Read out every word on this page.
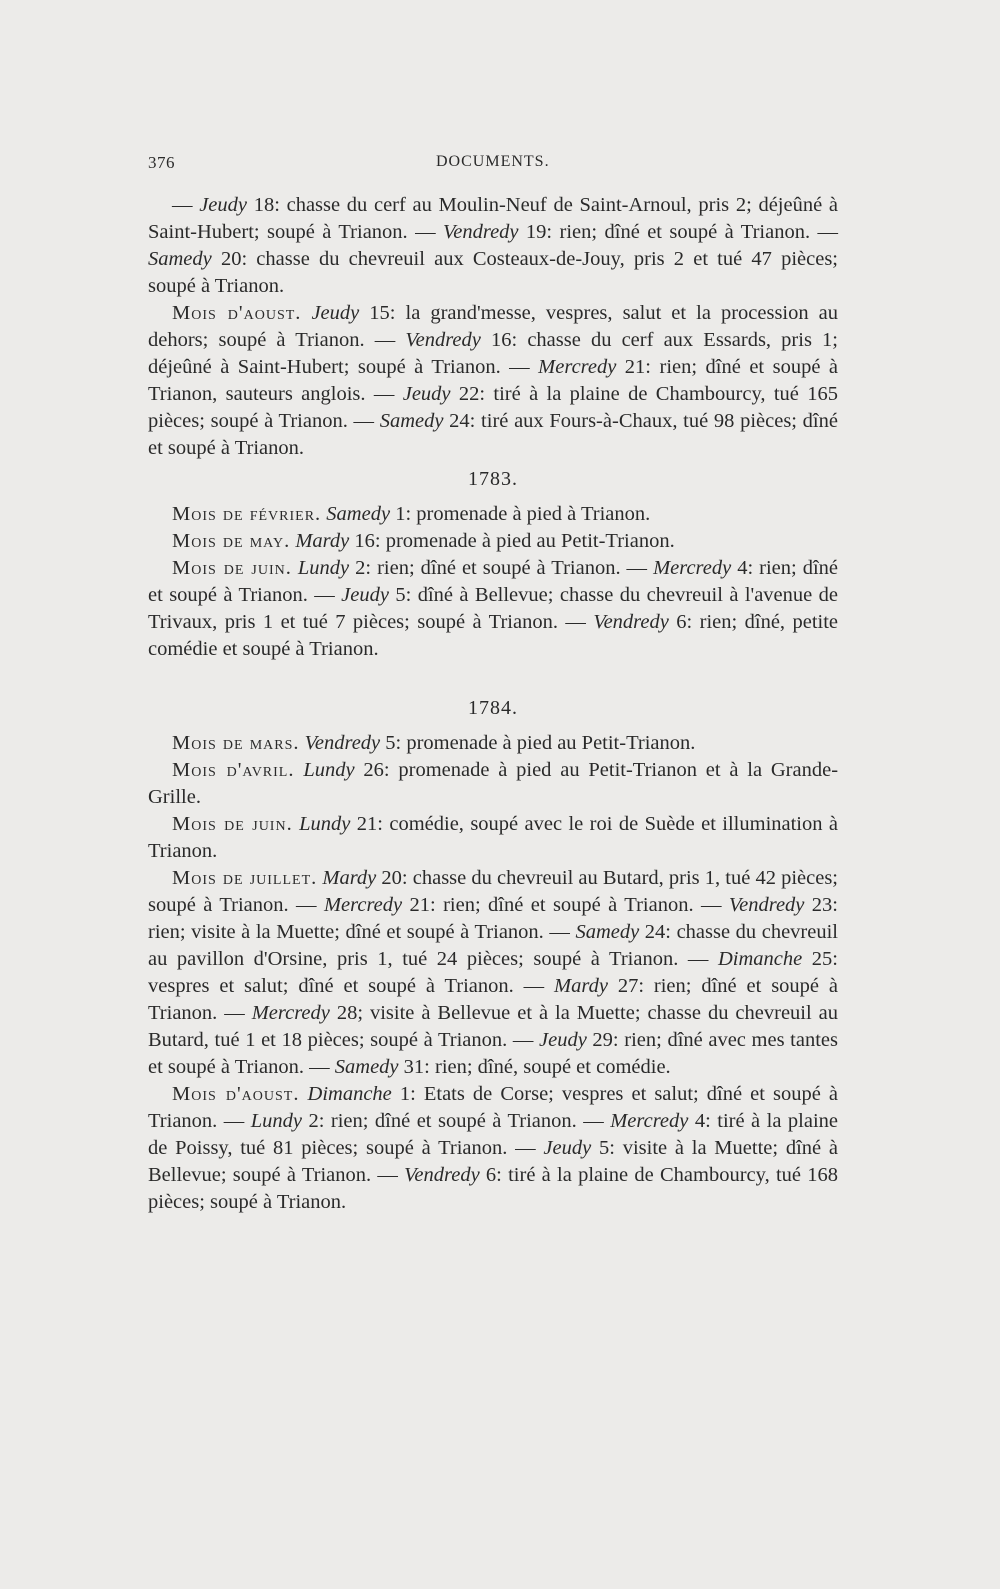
376	DOCUMENTS.

— Jeudy 18: chasse du cerf au Moulin-Neuf de Saint-Arnoul, pris 2; déjeûné à Saint-Hubert; soupé à Trianon. — Vendredy 19: rien; dîné et soupé à Trianon. — Samedy 20: chasse du chevreuil aux Costeaux-de-Jouy, pris 2 et tué 47 pièces; soupé à Trianon.

Mois d'aoust. Jeudy 15: la grand'messe, vespres, salut et la procession au dehors; soupé à Trianon. — Vendredy 16: chasse du cerf aux Essards, pris 1; déjeûné à Saint-Hubert; soupé à Trianon. — Mercredy 21: rien; dîné et soupé à Trianon, sauteurs anglois. — Jeudy 22: tiré à la plaine de Chambourcy, tué 165 pièces; soupé à Trianon. — Samedy 24: tiré aux Fours-à-Chaux, tué 98 pièces; dîné et soupé à Trianon.

1783.

Mois de février. Samedy 1: promenade à pied à Trianon.

Mois de may. Mardy 16: promenade à pied au Petit-Trianon.

Mois de juin. Lundy 2: rien; dîné et soupé à Trianon. — Mercredy 4: rien; dîné et soupé à Trianon. — Jeudy 5: dîné à Bellevue; chasse du chevreuil à l'avenue de Trivaux, pris 1 et tué 7 pièces; soupé à Trianon. — Vendredy 6: rien; dîné, petite comédie et soupé à Trianon.

1784.

Mois de mars. Vendredy 5: promenade à pied au Petit-Trianon.

Mois d'avril. Lundy 26: promenade à pied au Petit-Trianon et à la Grande-Grille.

Mois de juin. Lundy 21: comédie, soupé avec le roi de Suède et illumination à Trianon.

Mois de juillet. Mardy 20: chasse du chevreuil au Butard, pris 1, tué 42 pièces; soupé à Trianon. — Mercredy 21: rien; dîné et soupé à Trianon. — Vendredy 23: rien; visite à la Muette; dîné et soupé à Trianon. — Samedy 24: chasse du chevreuil au pavillon d'Orsine, pris 1, tué 24 pièces; soupé à Trianon. — Dimanche 25: vespres et salut; dîné et soupé à Trianon. — Mardy 27: rien; dîné et soupé à Trianon. — Mercredy 28; visite à Bellevue et à la Muette; chasse du chevreuil au Butard, tué 1 et 18 pièces; soupé à Trianon. — Jeudy 29: rien; dîné avec mes tantes et soupé à Trianon. — Samedy 31: rien; dîné, soupé et comédie.

Mois d'aoust. Dimanche 1: Etats de Corse; vespres et salut; dîné et soupé à Trianon. — Lundy 2: rien; dîné et soupé à Trianon. — Mercredy 4: tiré à la plaine de Poissy, tué 81 pièces; soupé à Trianon. — Jeudy 5: visite à la Muette; dîné à Bellevue; soupé à Trianon. — Vendredy 6: tiré à la plaine de Chambourcy, tué 168 pièces; soupé à Trianon.
